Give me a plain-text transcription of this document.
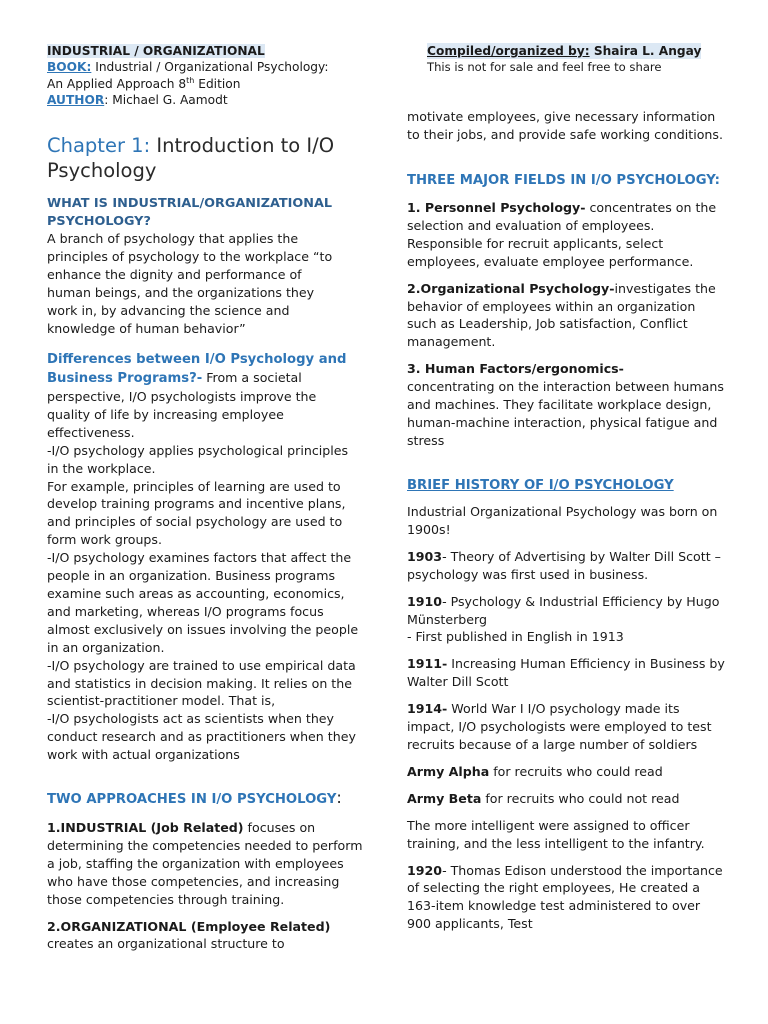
INDUSTRIAL / ORGANIZATIONAL
BOOK: Industrial / Organizational Psychology:
An Applied Approach 8th Edition
AUTHOR: Michael G. Aamodt
Compiled/organized by: Shaira L. Angay
This is not for sale and feel free to share
Chapter 1: Introduction to I/O Psychology
WHAT IS INDUSTRIAL/ORGANIZATIONAL PSYCHOLOGY?

A branch of psychology that applies the principles of psychology to the workplace “to enhance the dignity and performance of human beings, and the organizations they work in, by advancing the science and knowledge of human behavior”

Differences between I/O Psychology and Business Programs?- From a societal perspective, I/O psychologists improve the quality of life by increasing employee effectiveness.

-I/O psychology applies psychological principles in the workplace.

For example, principles of learning are used to develop training programs and incentive plans, and principles of social psychology are used to form work groups.

-I/O psychology examines factors that affect the people in an organization. Business programs examine such areas as accounting, economics, and marketing, whereas I/O programs focus almost exclusively on issues involving the people in an organization.

-I/O psychology are trained to use empirical data and statistics in decision making. It relies on the scientist-practitioner model. That is,

-I/O psychologists act as scientists when they conduct research and as practitioners when they work with actual organizations

TWO APPROACHES IN I/O PSYCHOLOGY:

1.INDUSTRIAL (Job Related) focuses on determining the competencies needed to perform a job, staffing the organization with employees who have those competencies, and increasing those competencies through training.

2.ORGANIZATIONAL (Employee Related)

creates an organizational structure to

motivate employees, give necessary information to their jobs, and provide safe working conditions.

THREE MAJOR FIELDS IN I/O PSYCHOLOGY:

1. Personnel Psychology- concentrates on the selection and evaluation of employees. Responsible for recruit applicants, select employees, evaluate employee performance.

2.Organizational Psychology-investigates the behavior of employees within an organization such as Leadership, Job satisfaction, Conflict management.

3. Human Factors/ergonomics-

concentrating on the interaction between humans and machines. They facilitate workplace design, human-machine interaction, physical fatigue and stress

BRIEF HISTORY OF I/O PSYCHOLOGY

Industrial Organizational Psychology was born on 1900s!

1903- Theory of Advertising by Walter Dill Scott – psychology was first used in business.

1910- Psychology & Industrial Efficiency by Hugo Münsterberg

- First published in English in 1913

1911- Increasing Human Efficiency in Business by Walter Dill Scott

1914- World War I I/O psychology made its impact, I/O psychologists were employed to test recruits because of a large number of soldiers

Army Alpha for recruits who could read

Army Beta for recruits who could not read

The more intelligent were assigned to officer training, and the less intelligent to the infantry.

1920- Thomas Edison understood the importance of selecting the right employees, He created a 163-item knowledge test administered to over 900 applicants, Test
